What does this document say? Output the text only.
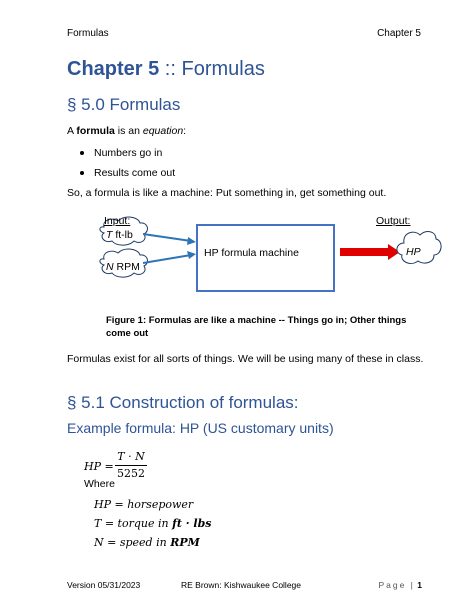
Formulas	Chapter 5
Chapter 5 :: Formulas
§ 5.0 Formulas
A formula is an equation:
Numbers go in
Results come out
So, a formula is like a machine: Put something in, get something out.
Input:	Output:
T ft-lb
N RPM
HP formula machine	HP
Figure 1: Formulas are like a machine -- Things go in; Other things come out
Formulas exist for all sorts of things. We will be using many of these in class.
§ 5.1 Construction of formulas:
Example formula: HP (US customary units)
HP =
T · N
5252
Where
HP = horsepower
T = torque in ft · lbs
N = speed in RPM
Version 05/31/2023	RE Brown: Kishwaukee College	Page | 1
